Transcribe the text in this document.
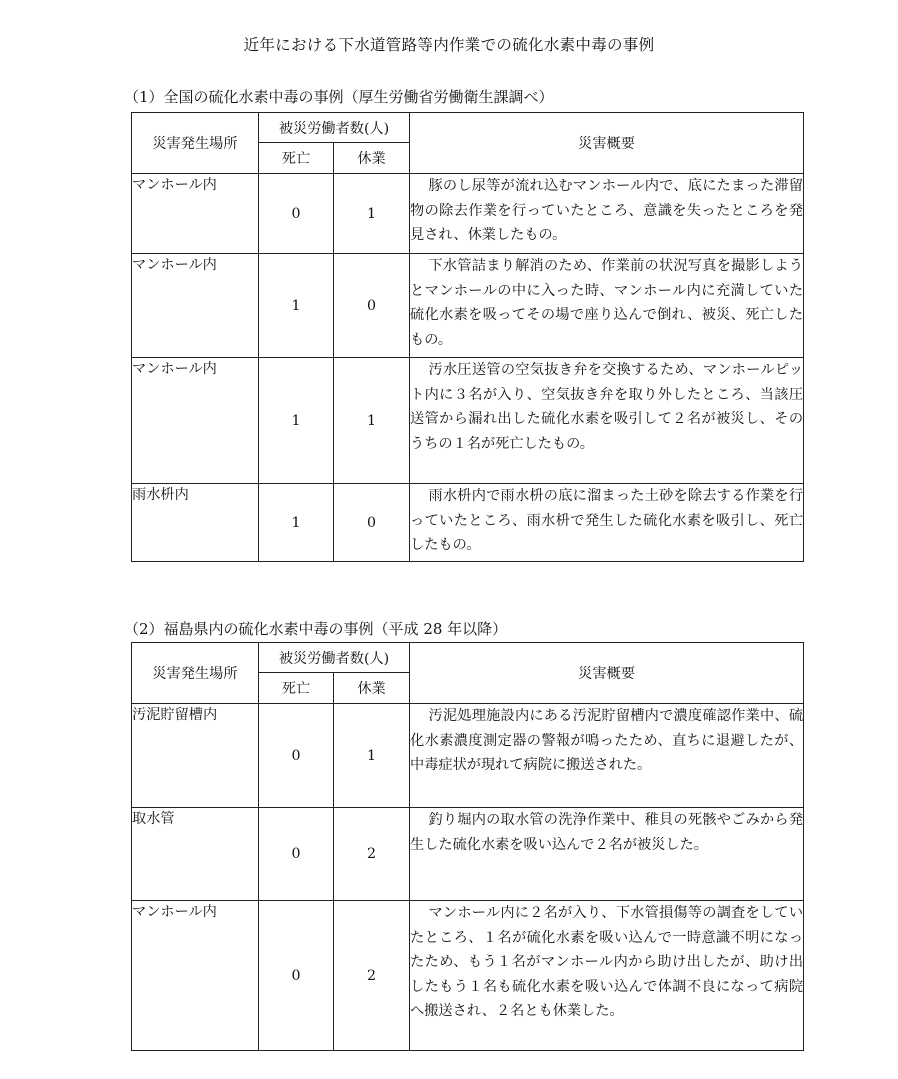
近年における下水道管路等内作業での硫化水素中毒の事例
（1）全国の硫化水素中毒の事例（厚生労働省労働衛生課調べ）
災害発生場所	被災労働者数(人)		災害概要
	死亡	休業	
マンホール内	0	1	豚のし尿等が流れ込むマンホール内で、底にたまった滞留物の除去作業を行っていたところ、意識を失ったところを発見され、休業したもの。
マンホール内	1	0	下水管詰まり解消のため、作業前の状況写真を撮影しようとマンホールの中に入った時、マンホール内に充満していた硫化水素を吸ってその場で座り込んで倒れ、被災、死亡したもの。
マンホール内	1	1	汚水圧送管の空気抜き弁を交換するため、マンホールピット内に３名が入り、空気抜き弁を取り外したところ、当該圧送管から漏れ出した硫化水素を吸引して２名が被災し、そのうちの１名が死亡したもの。
雨水枡内	1	0	雨水枡内で雨水枡の底に溜まった土砂を除去する作業を行っていたところ、雨水枡で発生した硫化水素を吸引し、死亡したもの。
（2）福島県内の硫化水素中毒の事例（平成 28 年以降）
災害発生場所	被災労働者数(人)		災害概要
	死亡	休業	
汚泥貯留槽内	0	1	汚泥処理施設内にある汚泥貯留槽内で濃度確認作業中、硫化水素濃度測定器の警報が鳴ったため、直ちに退避したが、中毒症状が現れて病院に搬送された。
取水管	0	2	釣り堀内の取水管の洗浄作業中、稚貝の死骸やごみから発生した硫化水素を吸い込んで２名が被災した。
マンホール内	0	2	マンホール内に２名が入り、下水管損傷等の調査をしていたところ、１名が硫化水素を吸い込んで一時意識不明になったため、もう１名がマンホール内から助け出したが、助け出したもう１名も硫化水素を吸い込んで体調不良になって病院へ搬送され、２名とも休業した。
